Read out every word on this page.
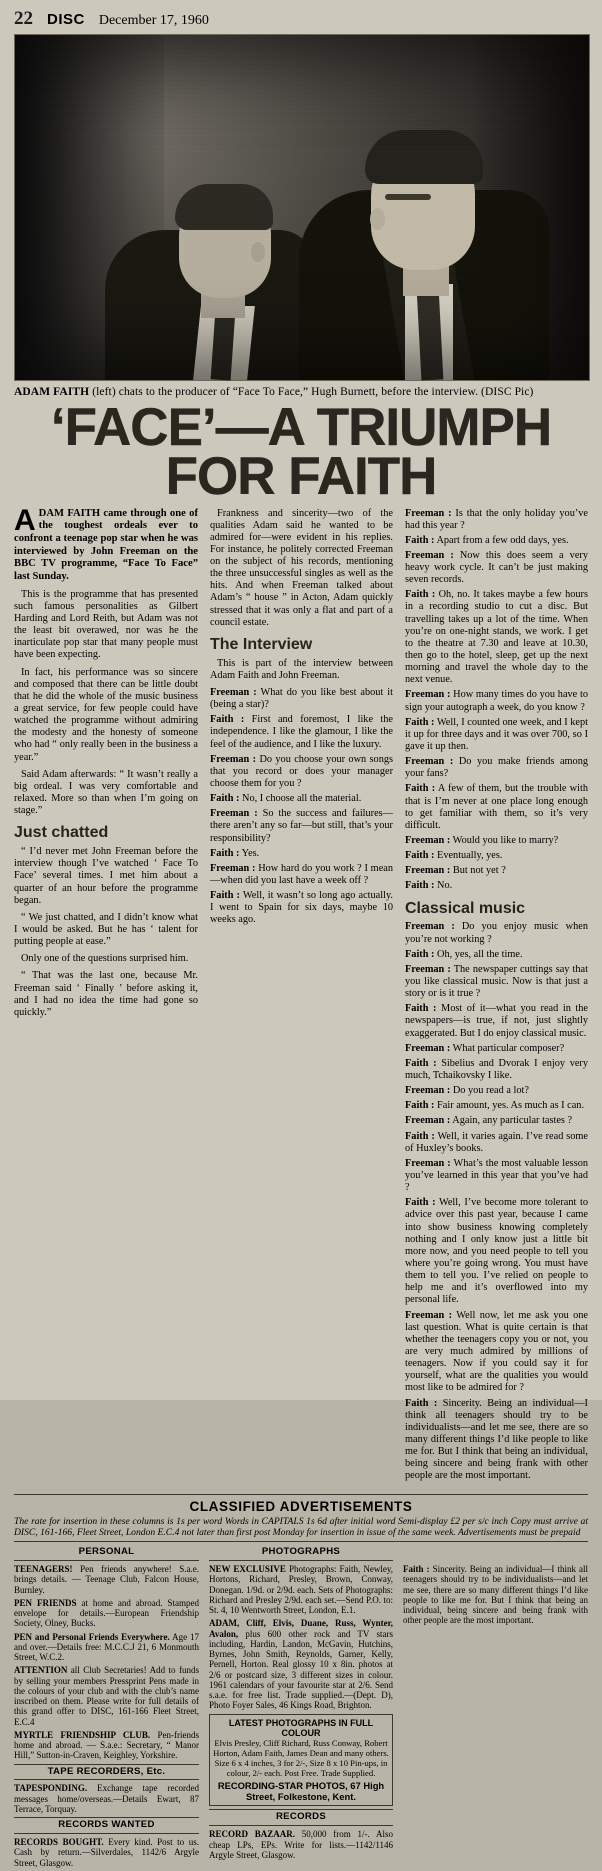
22 DISC December 17, 1960
ADAM FAITH (left) chats to the producer of “Face To Face,” Hugh Burnett, before the interview. (DISC Pic)
‘FACE’—A TRIUMPH
FOR FAITH

ADAM FAITH came through one of the toughest ordeals ever to confront a teenage pop star when he was interviewed by John Freeman on the BBC TV programme, “Face To Face” last Sunday.

This is the programme that has presented such famous personalities as Gilbert Harding and Lord Reith, but Adam was not the least bit overawed, nor was he the inarticulate pop star that many people must have been expecting.

In fact, his performance was so sincere and composed that there can be little doubt that he did the whole of the music business a great service, for few people could have watched the programme without admiring the modesty and the honesty of someone who had “ only really been in the business a year.”

Said Adam afterwards: “ It wasn’t really a big ordeal. I was very comfortable and relaxed. More so than when I’m going on stage.”

Just chatted

“ I’d never met John Freeman before the interview though I’ve watched ‘ Face To Face’ several times. I met him about a quarter of an hour before the programme began.

“ We just chatted, and I didn’t know what I would be asked. But he has ‘ talent for putting people at ease.”

Only one of the questions surprised him.

“ That was the last one, because Mr. Freeman said ‘ Finally ’ before asking it, and I had no idea the time had gone so quickly.”

Frankness and sincerity—two of the qualities Adam said he wanted to be admired for—were evident in his replies. For instance, he politely corrected Freeman on the subject of his records, mentioning the three unsuccessful singles as well as the hits. And when Freeman talked about Adam’s “ house ” in Acton, Adam quickly stressed that it was only a flat and part of a council estate.

The Interview

This is part of the interview between Adam Faith and John Freeman.

Freeman : What do you like best about it (being a star)?

Faith : First and foremost, I like the independence. I like the glamour, I like the feel of the audience, and I like the luxury.

Freeman : Do you choose your own songs that you record or does your manager choose them for you ?

Faith : No, I choose all the material.

Freeman : So the success and failures—there aren’t any so far—but still, that’s your responsibility?

Faith : Yes.

Freeman : How hard do you work ? I mean—when did you last have a week off ?

Faith : Well, it wasn’t so long ago actually. I went to Spain for six days, maybe 10 weeks ago.

Freeman : Is that the only holiday you’ve had this year ?

Faith : Apart from a few odd days, yes.

Freeman : Now this does seem a very heavy work cycle. It can’t be just making seven records.

Faith : Oh, no. It takes maybe a few hours in a recording studio to cut a disc. But travelling takes up a lot of the time. When you’re on one-night stands, we work. I get to the theatre at 7.30 and leave at 10.30, then go to the hotel, sleep, get up the next morning and travel the whole day to the next venue.

Freeman : How many times do you have to sign your autograph a week, do you know ?

Faith : Well, I counted one week, and I kept it up for three days and it was over 700, so I gave it up then.

Freeman : Do you make friends among your fans?

Faith : A few of them, but the trouble with that is I’m never at one place long enough to get familiar with them, so it’s very difficult.

Freeman : Would you like to marry?

Faith : Eventually, yes.

Freeman : But not yet ?

Faith : No.

Classical music

Freeman : Do you enjoy music when you’re not working ?

Faith : Oh, yes, all the time.

Freeman : The newspaper cuttings say that you like classical music. Now is that just a story or is it true ?

Faith : Most of it—what you read in the newspapers—is true, if not, just slightly exaggerated. But I do enjoy classical music.

Freeman : What particular composer?

Faith : Sibelius and Dvorak I enjoy very much, Tchaikovsky I like.

Freeman : Do you read a lot?

Faith : Fair amount, yes. As much as I can.

Freeman : Again, any particular tastes ?

Faith : Well, it varies again. I’ve read some of Huxley’s books.

Freeman : What’s the most valuable lesson you’ve learned in this year that you’ve had ?

Faith : Well, I’ve become more tolerant to advice over this past year, because I came into show business knowing completely nothing and I only know just a little bit more now, and you need people to tell you where you’re going wrong. You must have them to tell you. I’ve relied on people to help me and it’s overflowed into my personal life.

Freeman : Well now, let me ask you one last question. What is quite certain is that whether the teenagers copy you or not, you are very much admired by millions of teenagers. Now if you could say it for yourself, what are the qualities you would most like to be admired for ?

Faith : Sincerity. Being an individual—I think all teenagers should try to be individualists—and let me see, there are so many different things I’d like people to like me for. But I think that being an individual, being sincere and being frank with other people are the most important.

CLASSIFIED ADVERTISEMENTS
The rate for insertion in these columns is 1s per word Words in CAPITALS 1s 6d after initial word Semi-display £2 per s/c inch Copy must arrive at DISC, 161-166, Fleet Street, London E.C.4 not later than first post Monday for insertion in issue of the same week. Advertisements must be prepaid
PERSONAL

TEENAGERS! Pen friends anywhere! S.a.e. brings details. — Teenage Club, Falcon House, Burnley.

PEN FRIENDS at home and abroad. Stamped envelope for details.—European Friendship Society, Olney, Bucks.

PEN and Personal Friends Everywhere. Age 17 and over.—Details free: M.C.C.J 21, 6 Monmouth Street, W.C.2.

ATTENTION all Club Secretaries! Add to funds by selling your members Pressprint Pens made in the colours of your club and with the club’s name inscribed on them. Please write for full details of this grand offer to DISC, 161-166 Fleet Street, E.C.4

MYRTLE FRIENDSHIP CLUB. Pen-friends home and abroad. — S.a.e.: Secretary, “ Manor Hill,” Sutton-in-Craven, Keighley, Yorkshire.

TAPE RECORDERS, Etc.

TAPESPONDING. Exchange tape recorded messages home/overseas.—Details Ewart, 87 Terrace, Torquay.

RECORDS WANTED

RECORDS BOUGHT. Every kind. Post to us. Cash by return.—Silverdales, 1142/6 Argyle Street, Glasgow.

PHOTOGRAPHS

NEW EXCLUSIVE Photographs: Faith, Newley, Hortons, Richard, Presley, Brown, Conway, Donegan. 1/9d. or 2/9d. each. Sets of Photographs: Richard and Presley 2/9d. each set.—Send P.O. to: St. 4, 10 Wentworth Street, London, E.1.

ADAM, Cliff, Elvis, Duane, Russ, Wynter, Avalon, plus 600 other rock and TV stars including, Hardin, Landon, McGavin, Hutchins, Byrnes, John Smith, Reynolds, Garner, Kelly, Pernell, Horton. Real glossy 10 x 8in. photos at 2/6 or postcard size, 3 different sizes in colour. 1961 calendars of your favourite star at 2/6. Send s.a.e. for free list. Trade supplied.—(Dept. D), Photo Foyer Sales, 46 Kings Road, Brighton.

LATEST PHOTOGRAPHS IN FULL COLOUR
Elvis Presley, Cliff Richard, Russ Conway, Robert Horton, Adam Faith, James Dean and many others. Size 6 x 4 inches, 3 for 2/-, Size 8 x 10 Pin-ups, in colour, 2/- each. Post Free. Trade Supplied.
RECORDING-STAR PHOTOS, 67 High Street, Folkestone, Kent.
RECORDS

RECORD BAZAAR. 50,000 from 1/-. Also cheap LPs, EPs. Write for lists.—1142/1146 Argyle Street, Glasgow.

Faith : Sincerity. Being an individual—I think all teenagers should try to be individualists—and let me see, there are so many different things I’d like people to like me for. But I think that being an individual, being sincere and being frank with other people are the most important.
